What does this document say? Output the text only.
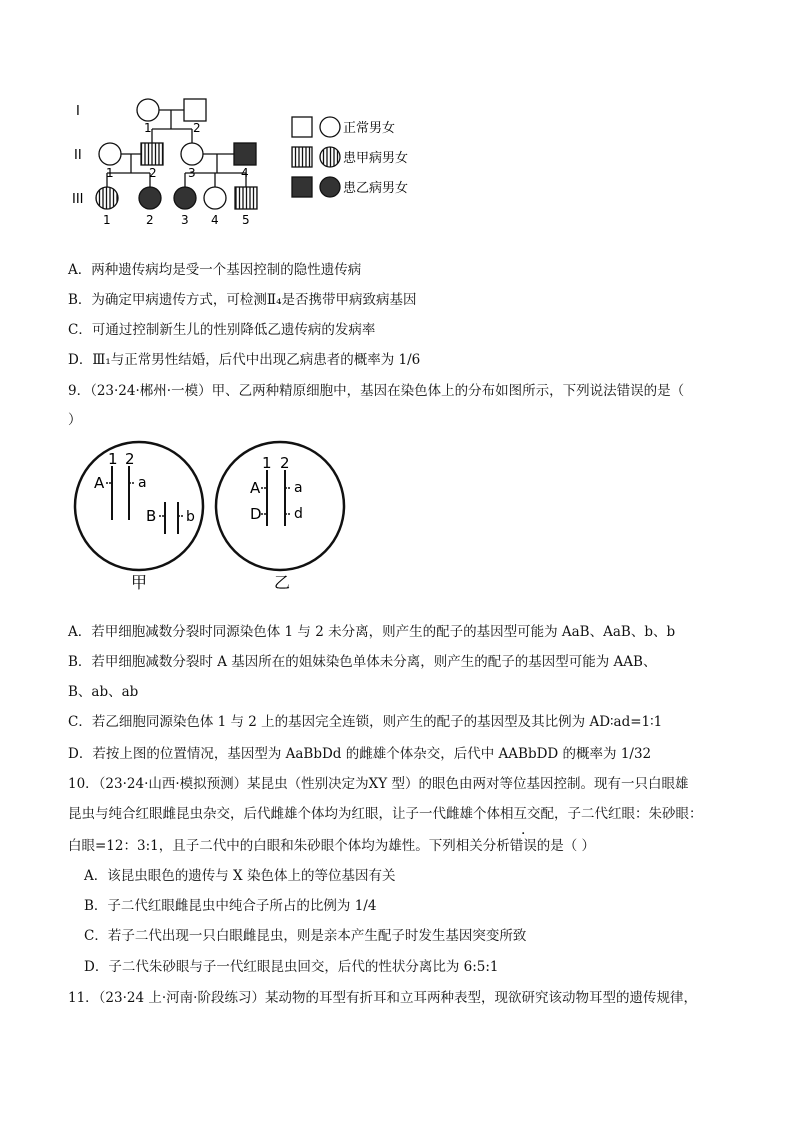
I
II
III
1	2
1	2	3	4
1	2 3 4 5
正常男女
患甲病男女
患乙病男女
A．两种遗传病均是受一个基因控制的隐性遗传病
B．为确定甲病遗传方式，可检测Ⅱ₄是否携带甲病致病基因
C．可通过控制新生儿的性别降低乙遗传病的发病率
D．Ⅲ₁与正常男性结婚，后代中出现乙病患者的概率为 1/6
9．（23·24·郴州·一模）甲、乙两种精原细胞中，基因在染色体上的分布如图所示，下列说法错误的是（
）
1 2
A a
B b
1 2
A a
D d
甲	乙
A．若甲细胞减数分裂时同源染色体 1 与 2 未分离，则产生的配子的基因型可能为 AaB、AaB、b、b
B．若甲细胞减数分裂时 A 基因所在的姐妹染色单体未分离，则产生的配子的基因型可能为 AAB、
B、ab、ab
C．若乙细胞同源染色体 1 与 2 上的基因完全连锁，则产生的配子的基因型及其比例为 AD∶ad=1∶1
D．若按上图的位置情况，基因型为 AaBbDd 的雌雄个体杂交，后代中 AABbDD 的概率为 1/32
10．（23·24·山西·模拟预测）某昆虫（性别决定为XY 型）的眼色由两对等位基因控制。现有一只白眼雄
昆虫与纯合红眼雌昆虫杂交，后代雌雄个体均为红眼，让子一代雌雄个体相互交配，子二代红眼：朱砂眼：
白眼=12：3:1，且子二代中的白眼和朱砂眼个体均为雄性。下列相关分析错误的是（ ）
A．该昆虫眼色的遗传与 X 染色体上的等位基因有关
B．子二代红眼雌昆虫中纯合子所占的比例为 1/4
C．若子二代出现一只白眼雌昆虫，则是亲本产生配子时发生基因突变所致
D．子二代朱砂眼与子一代红眼昆虫回交，后代的性状分离比为 6:5:1
11．（23·24 上·河南·阶段练习）某动物的耳型有折耳和立耳两种表型，现欲研究该动物耳型的遗传规律，
